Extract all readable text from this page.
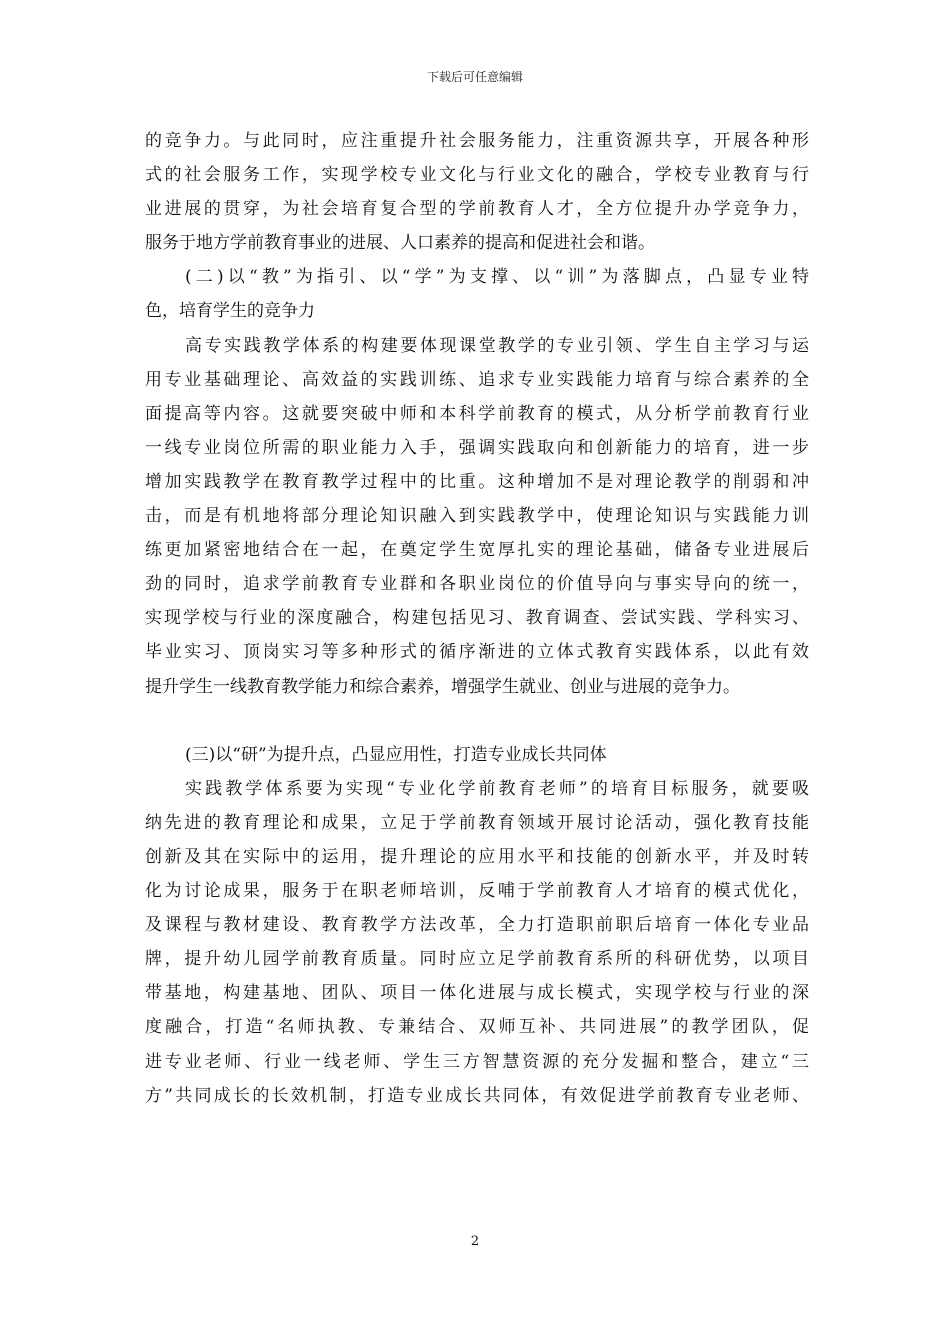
下载后可任意编辑
的竞争力。与此同时，应注重提升社会服务能力，注重资源共享，开展各种形
式的社会服务工作，实现学校专业文化与行业文化的融合，学校专业教育与行
业进展的贯穿，为社会培育复合型的学前教育人才，全方位提升办学竞争力，
服务于地方学前教育事业的进展、人口素养的提高和促进社会和谐。
(二)以“教”为指引、以“学”为支撑、以“训”为落脚点，凸显专业特
色，培育学生的竞争力
高专实践教学体系的构建要体现课堂教学的专业引领、学生自主学习与运
用专业基础理论、高效益的实践训练、追求专业实践能力培育与综合素养的全
面提高等内容。这就要突破中师和本科学前教育的模式，从分析学前教育行业
一线专业岗位所需的职业能力入手，强调实践取向和创新能力的培育，进一步
增加实践教学在教育教学过程中的比重。这种增加不是对理论教学的削弱和冲
击，而是有机地将部分理论知识融入到实践教学中，使理论知识与实践能力训
练更加紧密地结合在一起，在奠定学生宽厚扎实的理论基础，储备专业进展后
劲的同时，追求学前教育专业群和各职业岗位的价值导向与事实导向的统一，
实现学校与行业的深度融合，构建包括见习、教育调查、尝试实践、学科实习、
毕业实习、顶岗实习等多种形式的循序渐进的立体式教育实践体系，以此有效
提升学生一线教育教学能力和综合素养，增强学生就业、创业与进展的竞争力。
(三)以“研”为提升点，凸显应用性，打造专业成长共同体
实践教学体系要为实现“专业化学前教育老师”的培育目标服务，就要吸
纳先进的教育理论和成果，立足于学前教育领域开展讨论活动，强化教育技能
创新及其在实际中的运用，提升理论的应用水平和技能的创新水平，并及时转
化为讨论成果，服务于在职老师培训，反哺于学前教育人才培育的模式优化，
及课程与教材建设、教育教学方法改革，全力打造职前职后培育一体化专业品
牌，提升幼儿园学前教育质量。同时应立足学前教育系所的科研优势，以项目
带基地，构建基地、团队、项目一体化进展与成长模式，实现学校与行业的深
度融合，打造“名师执教、专兼结合、双师互补、共同进展”的教学团队，促
进专业老师、行业一线老师、学生三方智慧资源的充分发掘和整合，建立“三
方”共同成长的长效机制，打造专业成长共同体，有效促进学前教育专业老师、
2
